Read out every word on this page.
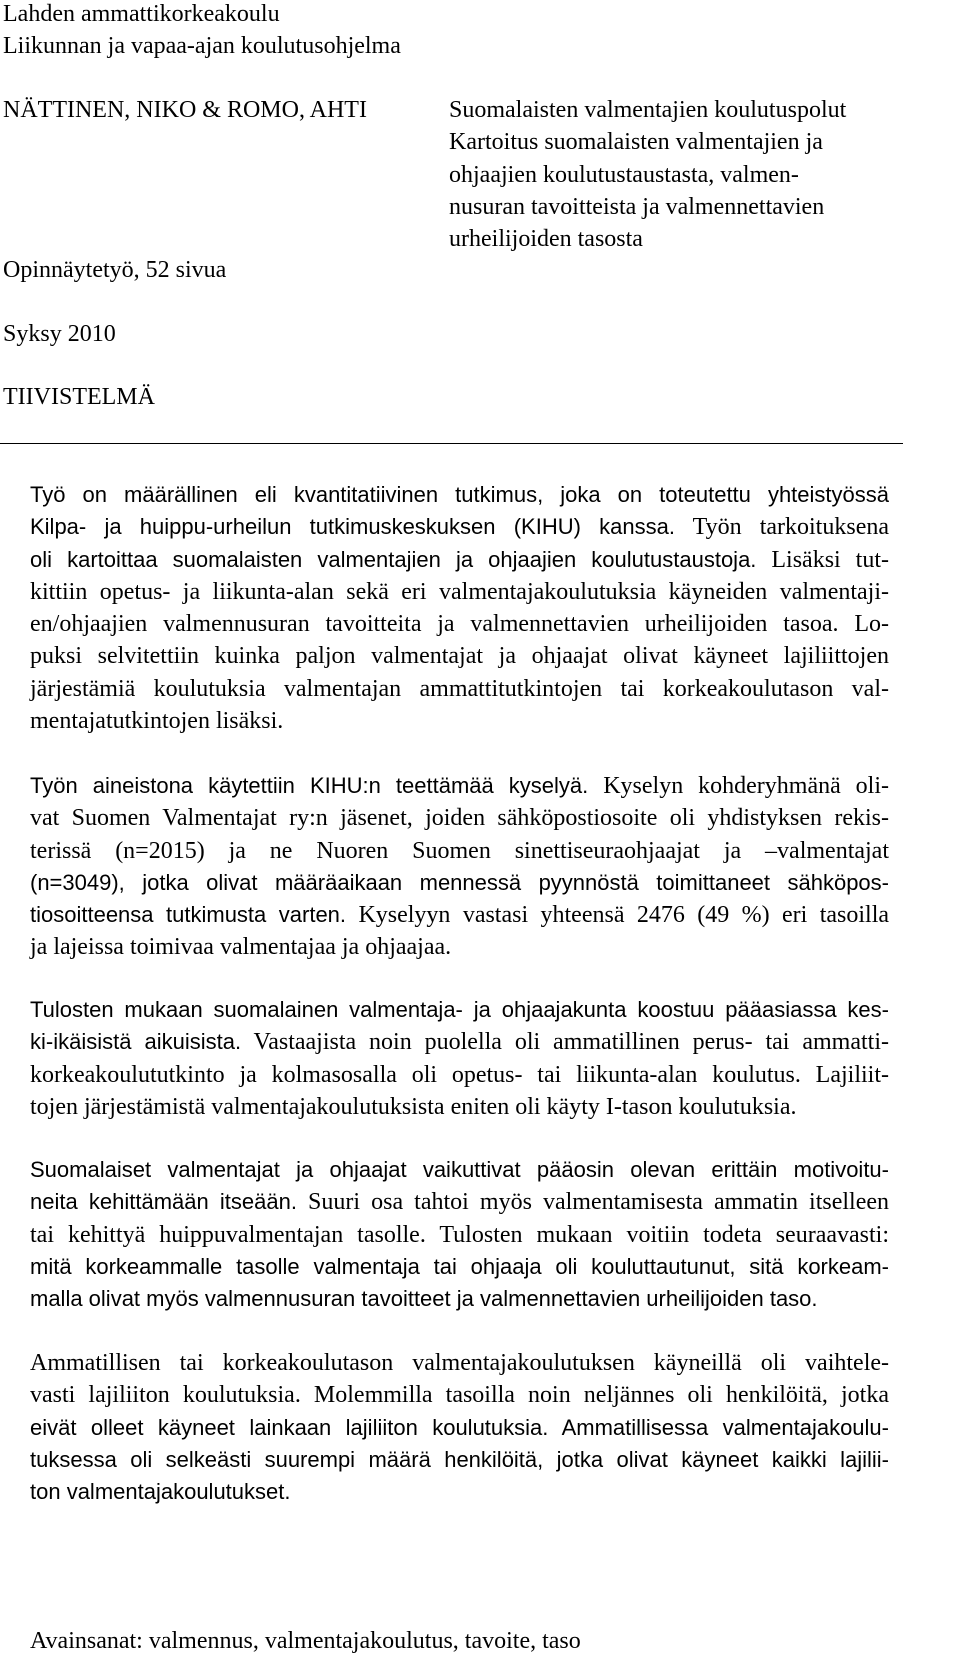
Lahden ammattikorkeakoulu
Liikunnan ja vapaa-ajan koulutusohjelma
NÄTTINEN, NIKO & ROMO, AHTI	Suomalaisten valmentajien koulutuspolut
Kartoitus suomalaisten valmentajien ja
ohjaajien koulutustaustasta, valmen-
nusuran tavoitteista ja valmennettavien
urheilijoiden tasosta
Opinnäytetyö, 52 sivua
Syksy 2010
TIIVISTELMÄ
Työ on määrällinen eli kvantitatiivinen tutkimus, joka on toteutettu yhteistyössä
Kilpa- ja huippu-urheilun tutkimuskeskuksen (KIHU) kanssa. Työn tarkoituksena
oli kartoittaa suomalaisten valmentajien ja ohjaajien koulutustaustoja. Lisäksi tut-
kittiin opetus- ja liikunta-alan sekä eri valmentajakoulutuksia käyneiden valmentaji-
en/ohjaajien valmennusuran tavoitteita ja valmennettavien urheilijoiden tasoa. Lo-
puksi selvitettiin kuinka paljon valmentajat ja ohjaajat olivat käyneet lajiliittojen
järjestämiä koulutuksia valmentajan ammattitutkintojen tai korkeakoulutason val-
mentajatutkintojen lisäksi.
Työn aineistona käytettiin KIHU:n teettämää kyselyä. Kyselyn kohderyhmänä oli-
vat Suomen Valmentajat ry:n jäsenet, joiden sähköpostiosoite oli yhdistyksen rekis-
terissä (n=2015) ja ne Nuoren Suomen sinettiseuraohjaajat ja –valmentajat
(n=3049), jotka olivat määräaikaan mennessä pyynnöstä toimittaneet sähköpos-
tiosoitteensa tutkimusta varten. Kyselyyn vastasi yhteensä 2476 (49 %) eri tasoilla
ja lajeissa toimivaa valmentajaa ja ohjaajaa.
Tulosten mukaan suomalainen valmentaja- ja ohjaajakunta koostuu pääasiassa kes-
ki-ikäisistä aikuisista. Vastaajista noin puolella oli ammatillinen perus- tai ammatti-
korkeakoulututkinto ja kolmasosalla oli opetus- tai liikunta-alan koulutus. Lajiliit-
tojen järjestämistä valmentajakoulutuksista eniten oli käyty I-tason koulutuksia.
Suomalaiset valmentajat ja ohjaajat vaikuttivat pääosin olevan erittäin motivoitu-
neita kehittämään itseään. Suuri osa tahtoi myös valmentamisesta ammatin itselleen
tai kehittyä huippuvalmentajan tasolle. Tulosten mukaan voitiin todeta seuraavasti:
mitä korkeammalle tasolle valmentaja tai ohjaaja oli kouluttautunut, sitä korkeam-
malla olivat myös valmennusuran tavoitteet ja valmennettavien urheilijoiden taso.
Ammatillisen tai korkeakoulutason valmentajakoulutuksen käyneillä oli vaihtele-
vasti lajiliiton koulutuksia. Molemmilla tasoilla noin neljännes oli henkilöitä, jotka
eivät olleet käyneet lainkaan lajiliiton koulutuksia. Ammatillisessa valmentajakoulu-
tuksessa oli selkeästi suurempi määrä henkilöitä, jotka olivat käyneet kaikki lajilii-
ton valmentajakoulutukset.
Avainsanat: valmennus, valmentajakoulutus, tavoite, taso
